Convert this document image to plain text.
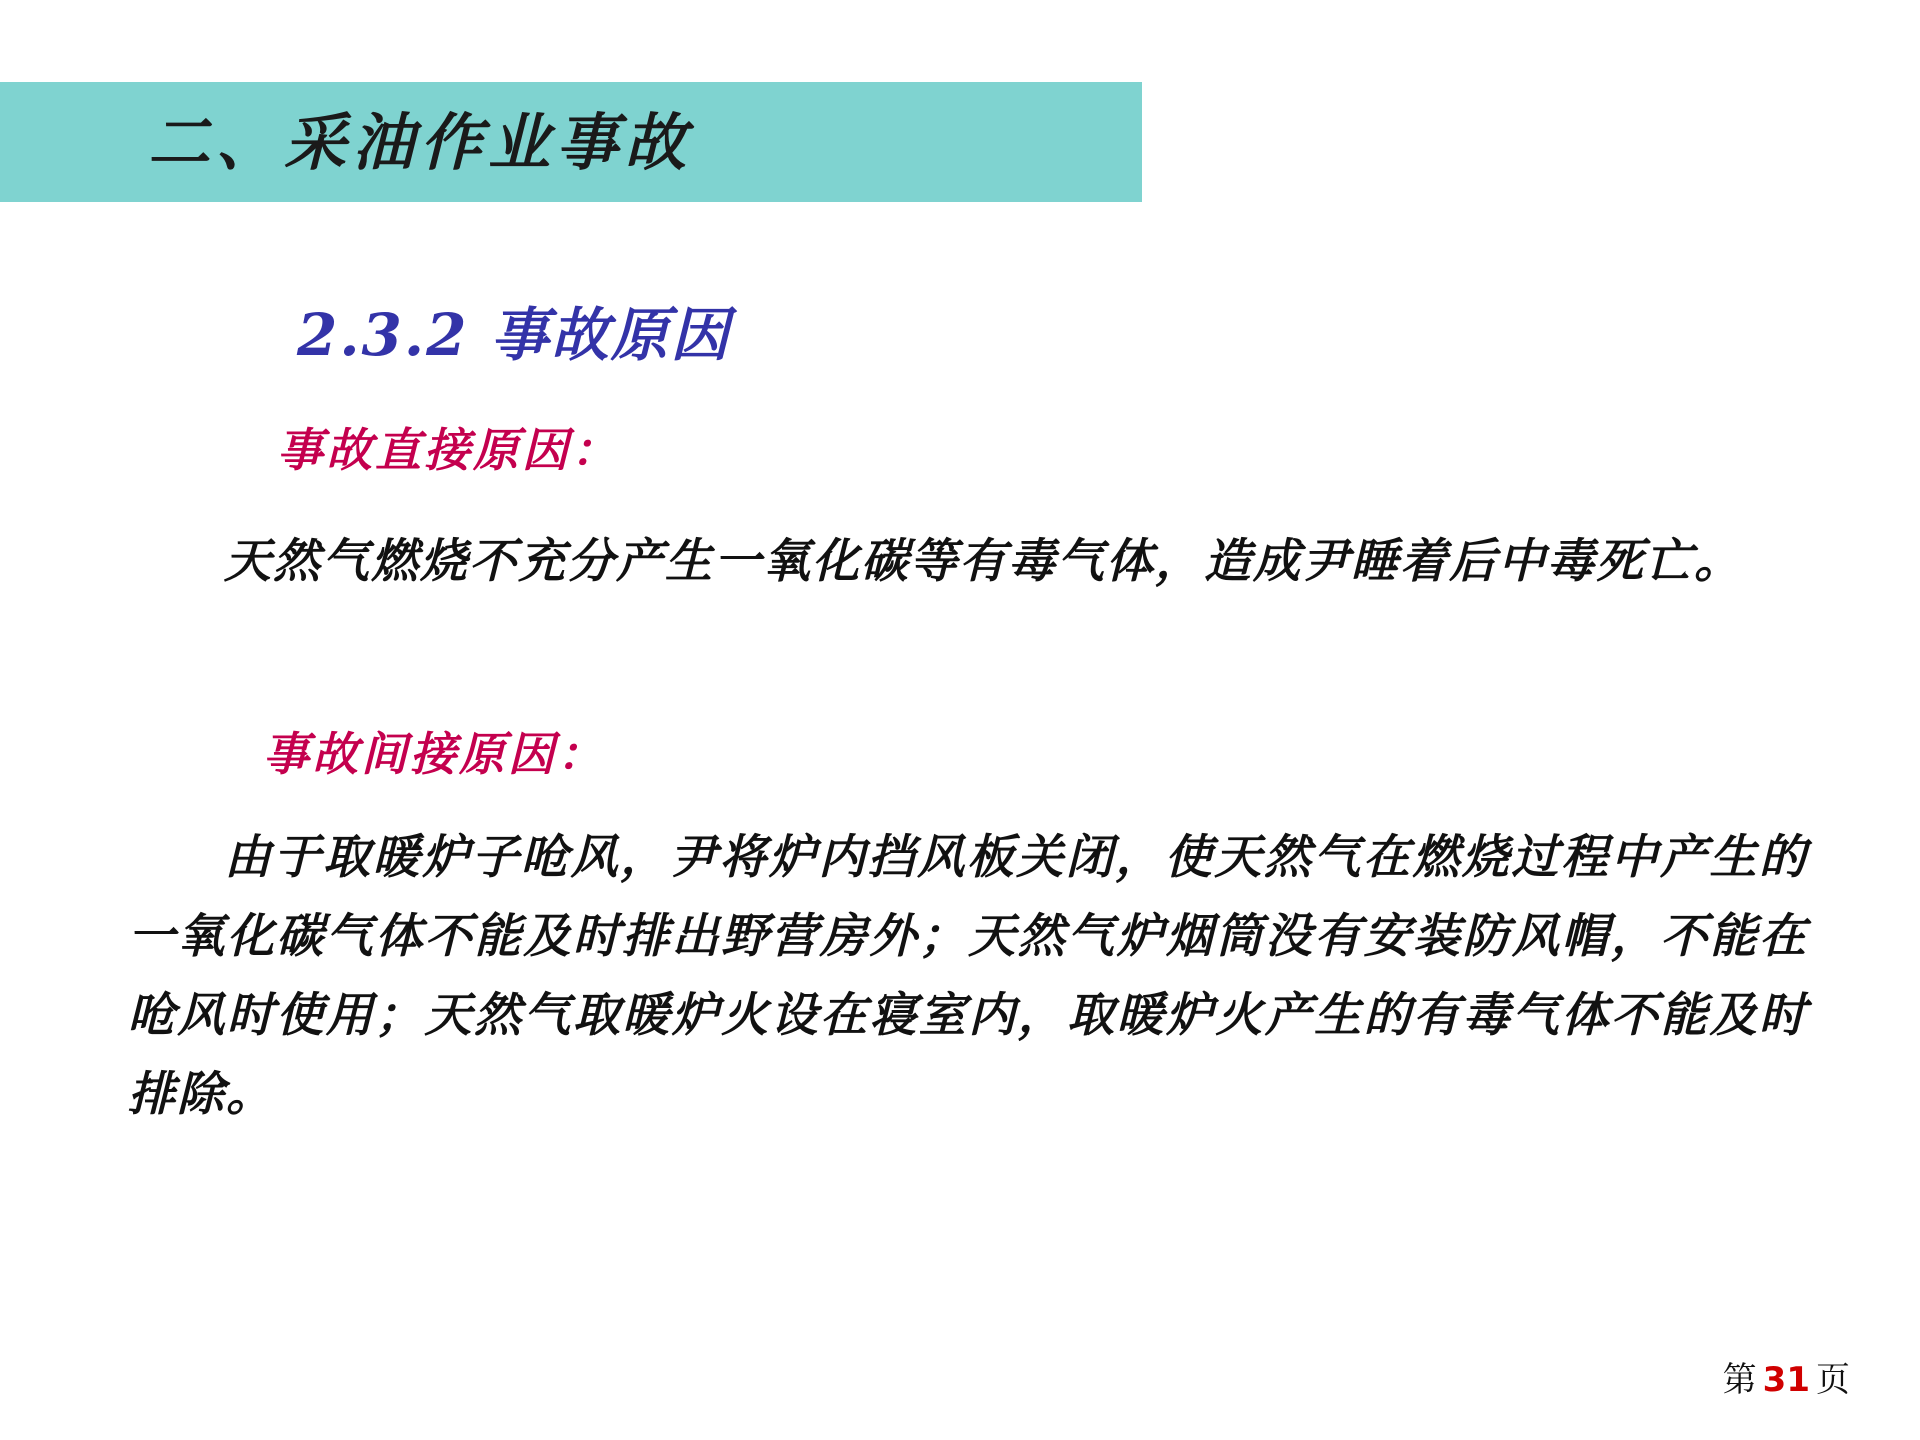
二、采油作业事故
2.3.2 事故原因
事故直接原因：
天然气燃烧不充分产生一氧化碳等有毒气体，造成尹睡着后中毒死亡。
事故间接原因：
由于取暖炉子呛风，尹将炉内挡风板关闭，使天然气在燃烧过程中产生的一氧化碳气体不能及时排出野营房外；天然气炉烟筒没有安装防风帽，不能在呛风时使用；天然气取暖炉火设在寝室内，取暖炉火产生的有毒气体不能及时排除。
第 31 页
